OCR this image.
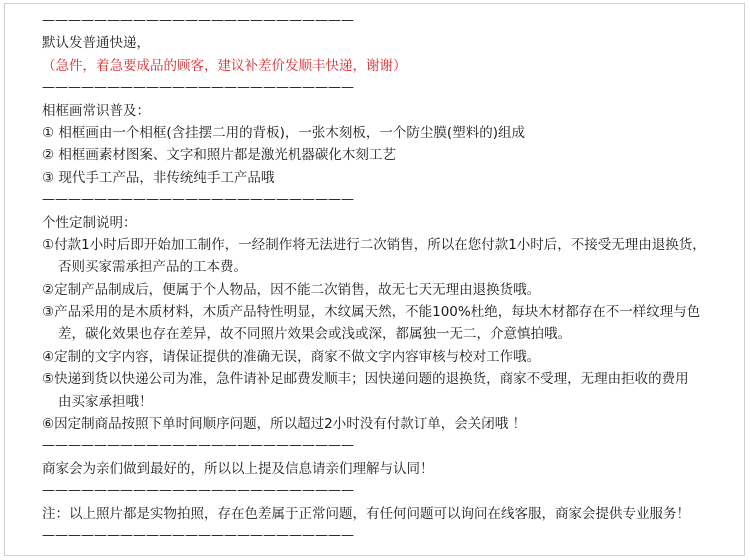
————————————————————————
默认发普通快递，
（急件，着急要成品的顾客，建议补差价发顺丰快递，谢谢）
————————————————————————
相框画常识普及：
① 相框画由一个相框(含挂摆二用的背板)，一张木刻板，一个防尘膜(塑料的)组成
② 相框画素材图案、文字和照片都是激光机器碳化木刻工艺
③ 现代手工产品，非传统纯手工产品哦
————————————————————————
个性定制说明：
①付款1小时后即开始加工制作，一经制作将无法进行二次销售，所以在您付款1小时后，不接受无理由退换货，
否则买家需承担产品的工本费。
②定制产品制成后，便属于个人物品，因不能二次销售，故无七天无理由退换货哦。
③产品采用的是木质材料，木质产品特性明显，木纹属天然，不能100%杜绝，每块木材都存在不一样纹理与色
差，碳化效果也存在差异，故不同照片效果会或浅或深，都属独一无二，介意慎拍哦。
④定制的文字内容，请保证提供的准确无误，商家不做文字内容审核与校对工作哦。
⑤快递到货以快递公司为准，急件请补足邮费发顺丰；因快递问题的退换货，商家不受理，无理由拒收的费用
由买家承担哦！
⑥因定制商品按照下单时间顺序问题，所以超过2小时没有付款订单，会关闭哦 ！
————————————————————————
商家会为亲们做到最好的，所以以上提及信息请亲们理解与认同！
————————————————————————
注：以上照片都是实物拍照，存在色差属于正常问题，有任何问题可以询问在线客服，商家会提供专业服务！
————————————————————————
